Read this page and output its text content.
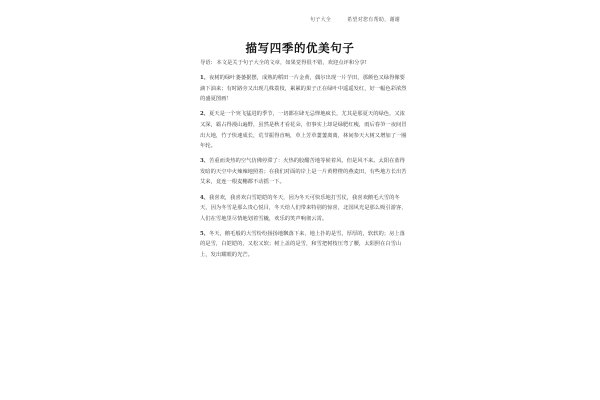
句子大全	希望对您有帮助，谢谢
描写四季的优美句子

导语: 本文是关于句子大全的文章，如果觉得很不错，欢迎点评和分享!

1、夜树的绿叶萎萎据摆，成熟的稻田一片金黄，偶尔出现一片芋田，那颜色又绿得像要滴下油来；有时路旁又出现几株荔枝，累累的果子正在绿叶中遥遥发红，好一幅色彩浓烈的盛夏图画！

2、夏天是一个突飞猛进的季节，一切都在肆无忌惮地疯长，尤其是那夏天的绿色，又浓又深，霸占得漫山遍野，虽然是秋才看花朵，但事实上却是绿肥红瘦，雨后春笋一夜间冒出大地，竹子快速成长，荒节振得直响，草上芳草萋萋离离，林间参天大树又增加了一圈年轮。

3、苦重而炎热的空气仿佛停滞了：火热的胶醋苦地等候着风，但是风不来。太阳在蓝得发暗的天空中火辣辣地照着；在我们对面的岸上是一片黄橙橙的燕麦田，有些地方长出苦艾来，竟连一根麦穗都不动摇一下。

4、我喜欢，我喜欢白雪皑皑的冬天，因为冬天可快乐地打雪仗，我喜欢鹅毛大雪的冬天，因为冬雪是那么贵心悦目，冬天给人们带来特别的惊喜，北国风光是那么吸引游客，人们在雪地里尽情地划着雪橇，欢乐的笑声响彻云霄。

5、冬天，鹅毛般的大雪纷纷扬扬地飘落下来，地上扑的是雪，厚厚的，软软的；房上落的是雪，白皑皑的，又松又软；树上盖的是雪，和雪把树枝压弯了腰，太阳照在白雪山上，发出耀眼的光芒。
